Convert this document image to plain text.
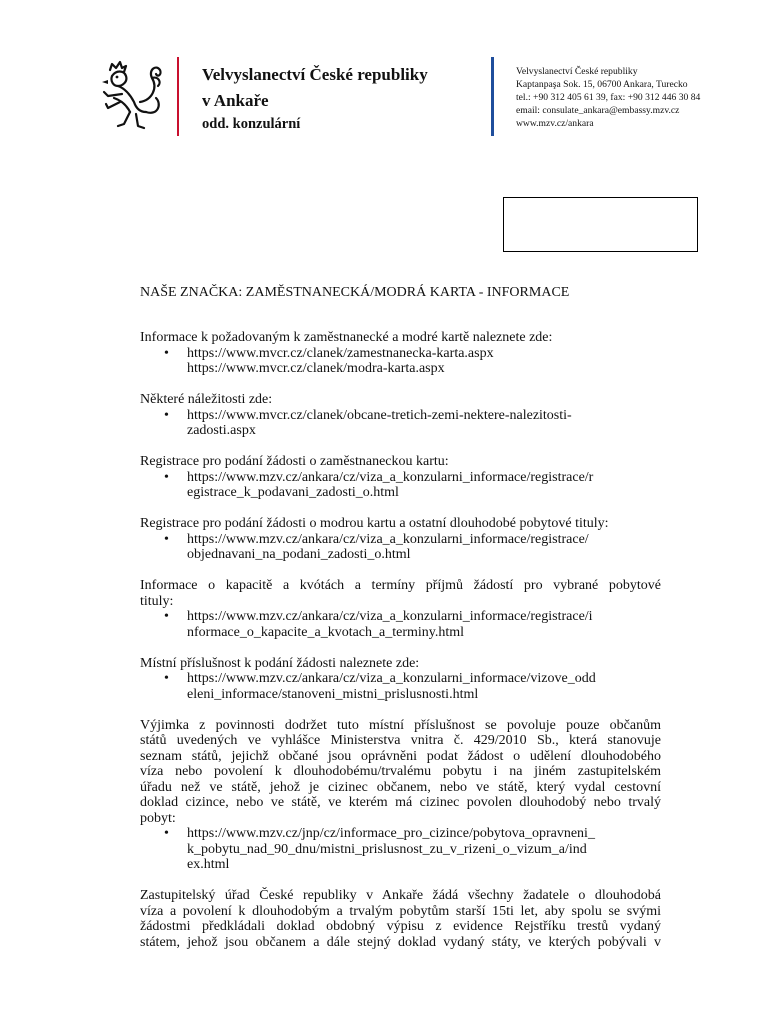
Velvyslanectví České republiky
v Ankaře
odd. konzulární
Velvyslanectví České republiky
Kaptanpaşa Sok. 15, 06700 Ankara, Turecko
tel.: +90 312 405 61 39, fax: +90 312 446 30 84
email: consulate_ankara@embassy.mzv.cz
www.mzv.cz/ankara
NAŠE ZNAČKA: ZAMĚSTNANECKÁ/MODRÁ KARTA - INFORMACE

Informace k požadovaným k zaměstnanecké a modré kartě naleznete zde:

• https://www.mvcr.cz/clanek/zamestnanecka-karta.aspx
https://www.mvcr.cz/clanek/modra-karta.aspx

Některé náležitosti zde:

• https://www.mvcr.cz/clanek/obcane-tretich-zemi-nektere-nalezitosti-
zadosti.aspx

Registrace pro podání žádosti o zaměstnaneckou kartu:

• https://www.mzv.cz/ankara/cz/viza_a_konzularni_informace/registrace/r
egistrace_k_podavani_zadosti_o.html

Registrace pro podání žádosti o modrou kartu a ostatní dlouhodobé pobytové tituly:

• https://www.mzv.cz/ankara/cz/viza_a_konzularni_informace/registrace/
objednavani_na_podani_zadosti_o.html

Informace o kapacitě a kvótách a termíny příjmů žádostí pro vybrané pobytové
tituly:

• https://www.mzv.cz/ankara/cz/viza_a_konzularni_informace/registrace/i
nformace_o_kapacite_a_kvotach_a_terminy.html

Místní příslušnost k podání žádosti naleznete zde:

• https://www.mzv.cz/ankara/cz/viza_a_konzularni_informace/vizove_odd
eleni_informace/stanoveni_mistni_prislusnosti.html

Výjimka z povinnosti dodržet tuto místní příslušnost se povoluje pouze občanům
států uvedených ve vyhlášce Ministerstva vnitra č. 429/2010 Sb., která stanovuje
seznam států, jejichž občané jsou oprávněni podat žádost o udělení dlouhodobého
víza nebo povolení k dlouhodobému/trvalému pobytu i na jiném zastupitelském
úřadu než ve státě, jehož je cizinec občanem, nebo ve státě, který vydal cestovní
doklad cizince, nebo ve státě, ve kterém má cizinec povolen dlouhodobý nebo trvalý
pobyt:

• https://www.mzv.cz/jnp/cz/informace_pro_cizince/pobytova_opravneni_
k_pobytu_nad_90_dnu/mistni_prislusnost_zu_v_rizeni_o_vizum_a/ind
ex.html

Zastupitelský úřad České republiky v Ankaře žádá všechny žadatele o dlouhodobá
víza a povolení k dlouhodobým a trvalým pobytům starší 15ti let, aby spolu se svými
žádostmi předkládali doklad obdobný výpisu z evidence Rejstříku trestů vydaný
státem, jehož jsou občanem a dále stejný doklad vydaný státy, ve kterých pobývali v
